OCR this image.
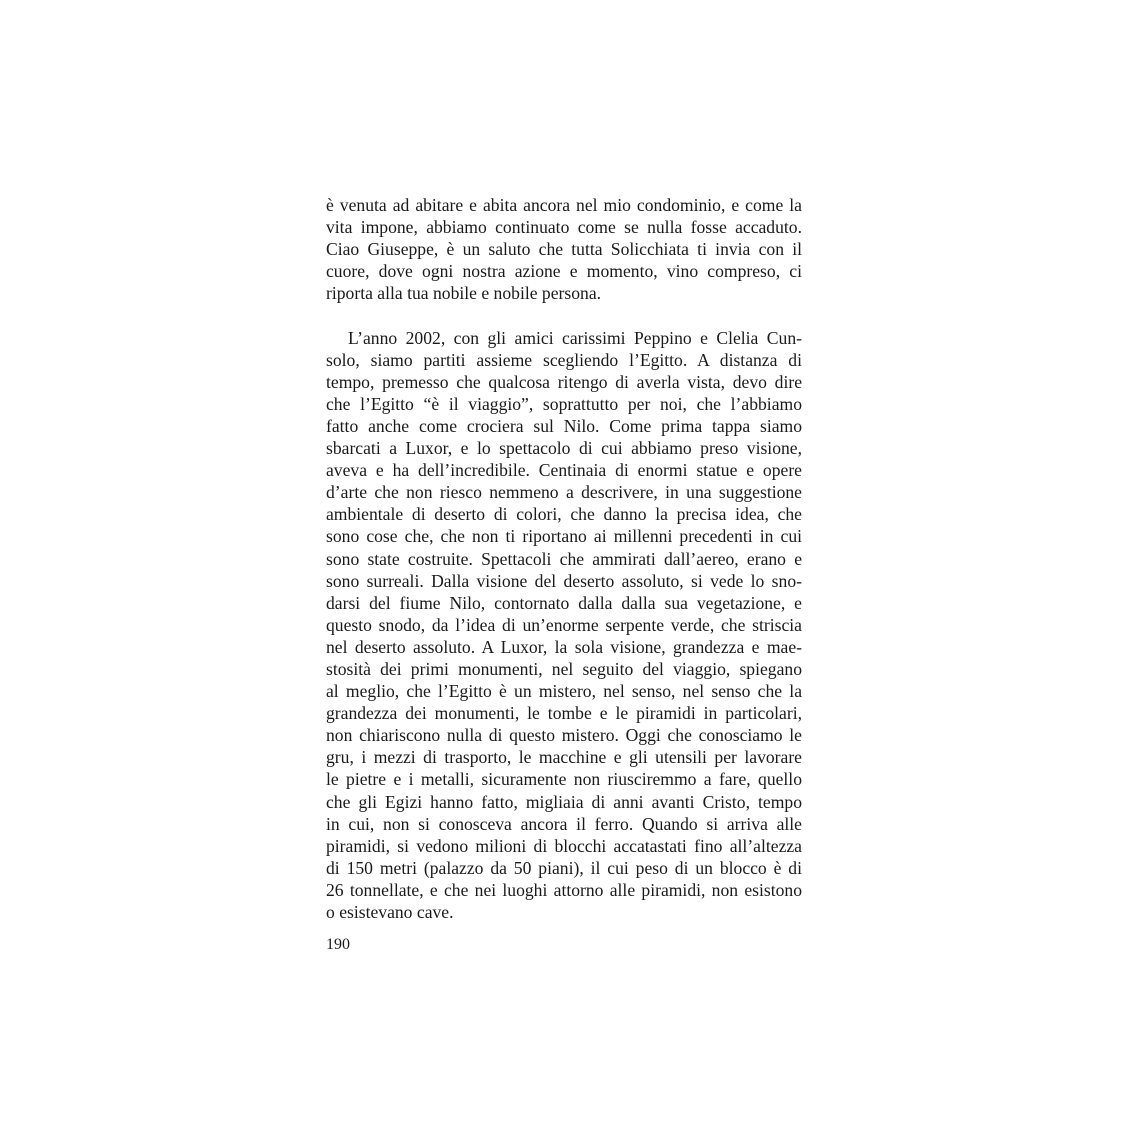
è venuta ad abitare e abita ancora nel mio condominio, e come la
vita impone, abbiamo continuato come se nulla fosse accaduto.
Ciao Giuseppe, è un saluto che tutta Solicchiata ti invia con il
cuore, dove ogni nostra azione e momento, vino compreso, ci
riporta alla tua nobile e nobile persona.
L’anno 2002, con gli amici carissimi Peppino e Clelia Cun-
solo, siamo partiti assieme scegliendo l’Egitto. A distanza di
tempo, premesso che qualcosa ritengo di averla vista, devo dire
che l’Egitto “è il viaggio”, soprattutto per noi, che l’abbiamo
fatto anche come crociera sul Nilo. Come prima tappa siamo
sbarcati a Luxor, e lo spettacolo di cui abbiamo preso visione,
aveva e ha dell’incredibile. Centinaia di enormi statue e opere
d’arte che non riesco nemmeno a descrivere, in una suggestione
ambientale di deserto di colori, che danno la precisa idea, che
sono cose che, che non ti riportano ai millenni precedenti in cui
sono state costruite. Spettacoli che ammirati dall’aereo, erano e
sono surreali. Dalla visione del deserto assoluto, si vede lo sno-
darsi del fiume Nilo, contornato dalla dalla sua vegetazione, e
questo snodo, da l’idea di un’enorme serpente verde, che striscia
nel deserto assoluto. A Luxor, la sola visione, grandezza e mae-
stosità dei primi monumenti, nel seguito del viaggio, spiegano
al meglio, che l’Egitto è un mistero, nel senso, nel senso che la
grandezza dei monumenti, le tombe e le piramidi in particolari,
non chiariscono nulla di questo mistero. Oggi che conosciamo le
gru, i mezzi di trasporto, le macchine e gli utensili per lavorare
le pietre e i metalli, sicuramente non riusciremmo a fare, quello
che gli Egizi hanno fatto, migliaia di anni avanti Cristo, tempo
in cui, non si conosceva ancora il ferro. Quando si arriva alle
piramidi, si vedono milioni di blocchi accatastati fino all’altezza
di 150 metri (palazzo da 50 piani), il cui peso di un blocco è di
26 tonnellate, e che nei luoghi attorno alle piramidi, non esistono
o esistevano cave.
190
